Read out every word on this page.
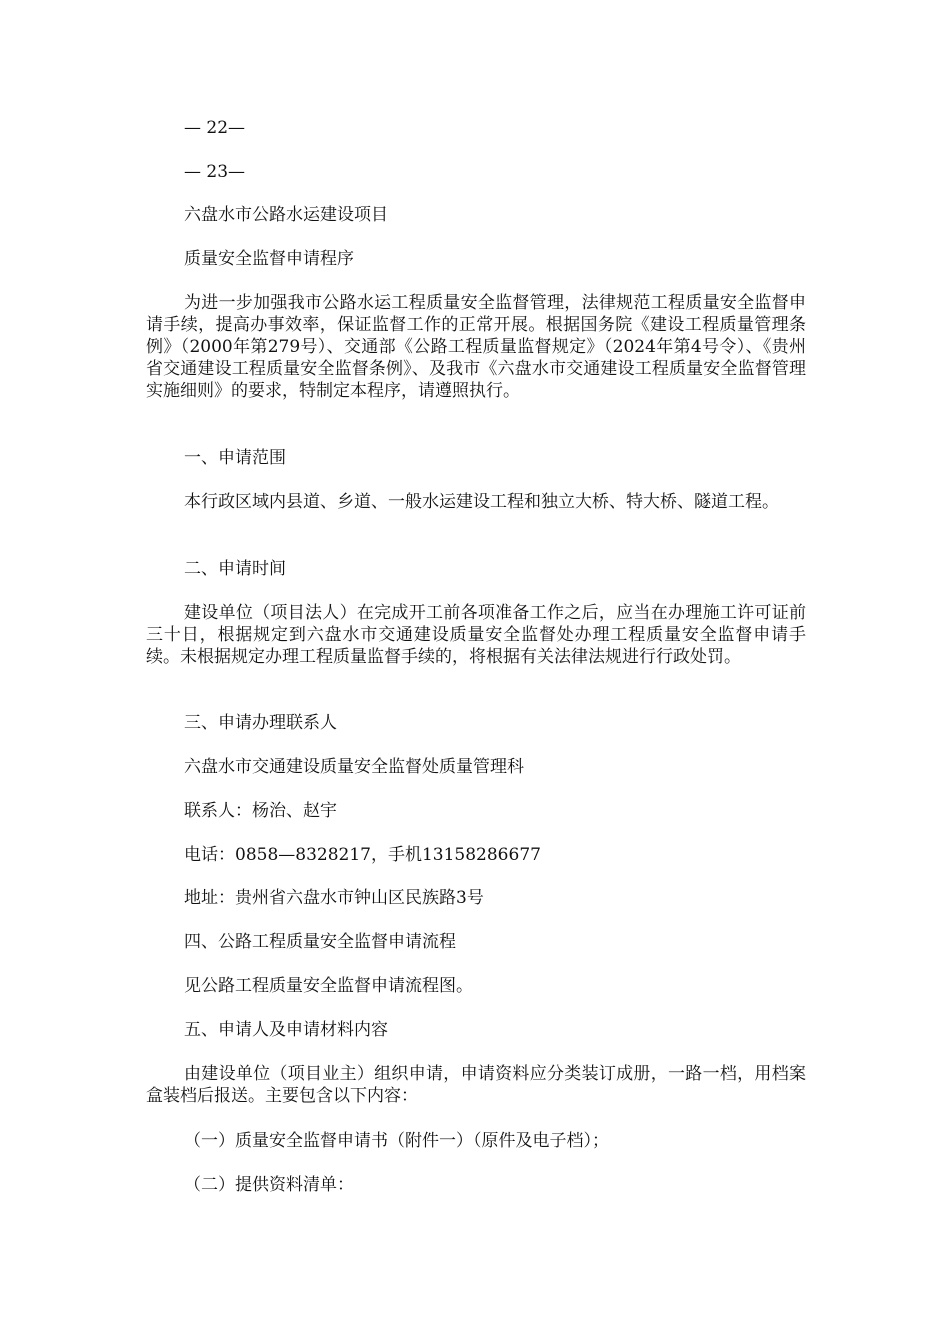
— 22—
— 23—
六盘水市公路水运建设项目
质量安全监督申请程序
为进一步加强我市公路水运工程质量安全监督管理，法律规范工程质量安全监督申请手续，提高办事效率，保证监督工作的正常开展。根据国务院《建设工程质量管理条例》（2000年第279号）、交通部《公路工程质量监督规定》（2024年第4号令）、《贵州省交通建设工程质量安全监督条例》、及我市《六盘水市交通建设工程质量安全监督管理实施细则》的要求，特制定本程序，请遵照执行。
一、申请范围
本行政区域内县道、乡道、一般水运建设工程和独立大桥、特大桥、隧道工程。
二、申请时间
建设单位（项目法人）在完成开工前各项准备工作之后，应当在办理施工许可证前三十日，根据规定到六盘水市交通建设质量安全监督处办理工程质量安全监督申请手续。未根据规定办理工程质量监督手续的，将根据有关法律法规进行行政处罚。
三、申请办理联系人
六盘水市交通建设质量安全监督处质量管理科
联系人：杨治、赵宇
电话：0858—8328217，手机13158286677
地址：贵州省六盘水市钟山区民族路3号
四、公路工程质量安全监督申请流程
见公路工程质量安全监督申请流程图。
五、申请人及申请材料内容
由建设单位（项目业主）组织申请，申请资料应分类装订成册，一路一档，用档案盒装档后报送。主要包含以下内容：
（一）质量安全监督申请书（附件一）（原件及电子档）；
（二）提供资料清单：
